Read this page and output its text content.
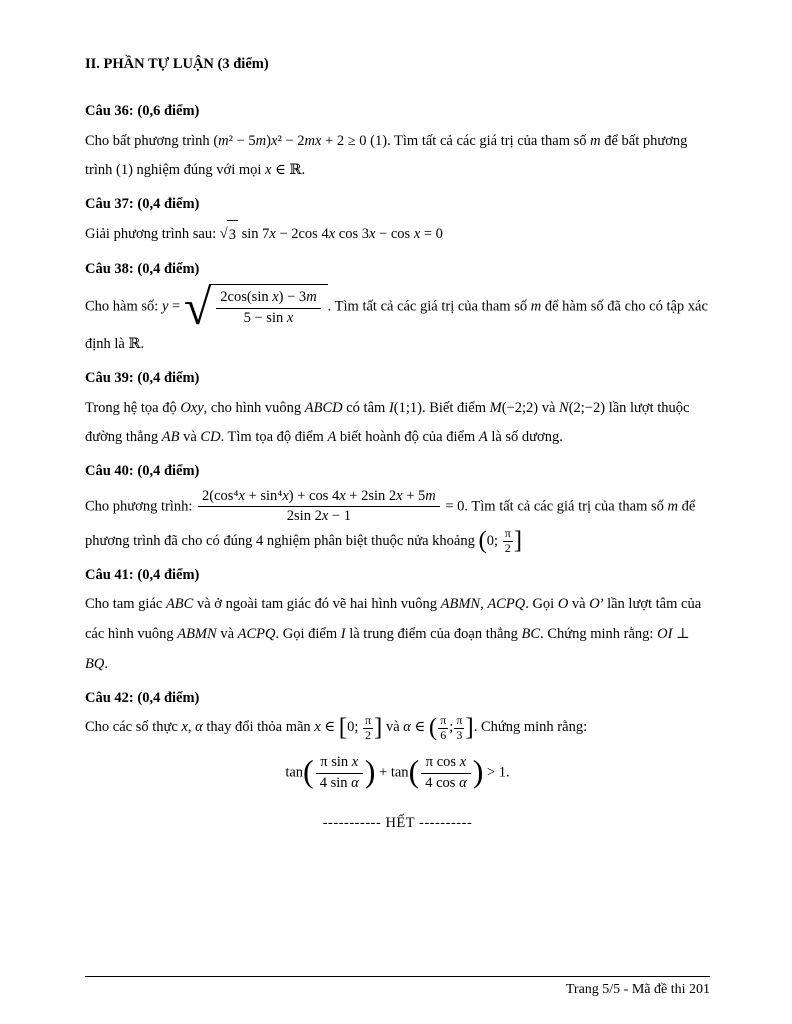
II. PHẦN TỰ LUẬN (3 điểm)

Câu 36: (0,6 điểm)

Cho bất phương trình (m² − 5m)x² − 2mx + 2 ≥ 0 (1). Tìm tất cả các giá trị của tham số m để bất phương trình (1) nghiệm đúng với mọi x ∈ ℝ.

Câu 37: (0,4 điểm)

Giải phương trình sau: √ 3 sin 7x − 2cos 4x cos 3x − cos x = 0

Câu 38: (0,4 điểm)

Cho hàm số: y = √ $\frac{\text{2cos(sin x) − 3m}}{\text{5 − sin x}}$ . Tìm tất cả các giá trị của tham số m để hàm số đã cho có tập xác định là ℝ.

Câu 39: (0,4 điểm)

Trong hệ tọa độ Oxy, cho hình vuông ABCD có tâm I(1;1). Biết điểm M(−2;2) và N(2;−2) lần lượt thuộc đường thẳng AB và CD. Tìm tọa độ điểm A biết hoành độ của điểm A là số dương.

Câu 40: (0,4 điểm)

Cho phương trình: $\frac{\text{2(cos⁴x + sin⁴x) + cos 4x + 2sin 2x + 5m}}{2\sin 2x - 1} = 0$. Tìm tất cả các giá trị của tham số m để phương trình đã cho có đúng 4 nghiệm phân biệt thuộc nửa khoảng (0; $\frac{\pi}{2}$ ]

Câu 41: (0,4 điểm)

Cho tam giác ABC và ở ngoài tam giác đó vẽ hai hình vuông ABMN, ACPQ. Gọi O và O’ lần lượt tâm của các hình vuông ABMN và ACPQ. Gọi điểm I là trung điểm của đoạn thẳng BC. Chứng minh rằng: OI ⊥ BQ.

Câu 42: (0,4 điểm)

Cho các số thực x, α thay đổi thỏa mãn x ∈ [0; $\frac{\pi}{2}$ ] và α ∈ ( $\frac{\pi}{6}$ ; $\frac{\pi}{3}$ ]. Chứng minh rằng:

$\tan( \frac{\text{π sin x}}{\text{4 sin α}}$ ) + $\tan( \frac{\text{π cos x}}{\text{4 cos α}}$ ) > 1.

----------- HẾT ----------

Trang 5/5 - Mã đề thi 201
